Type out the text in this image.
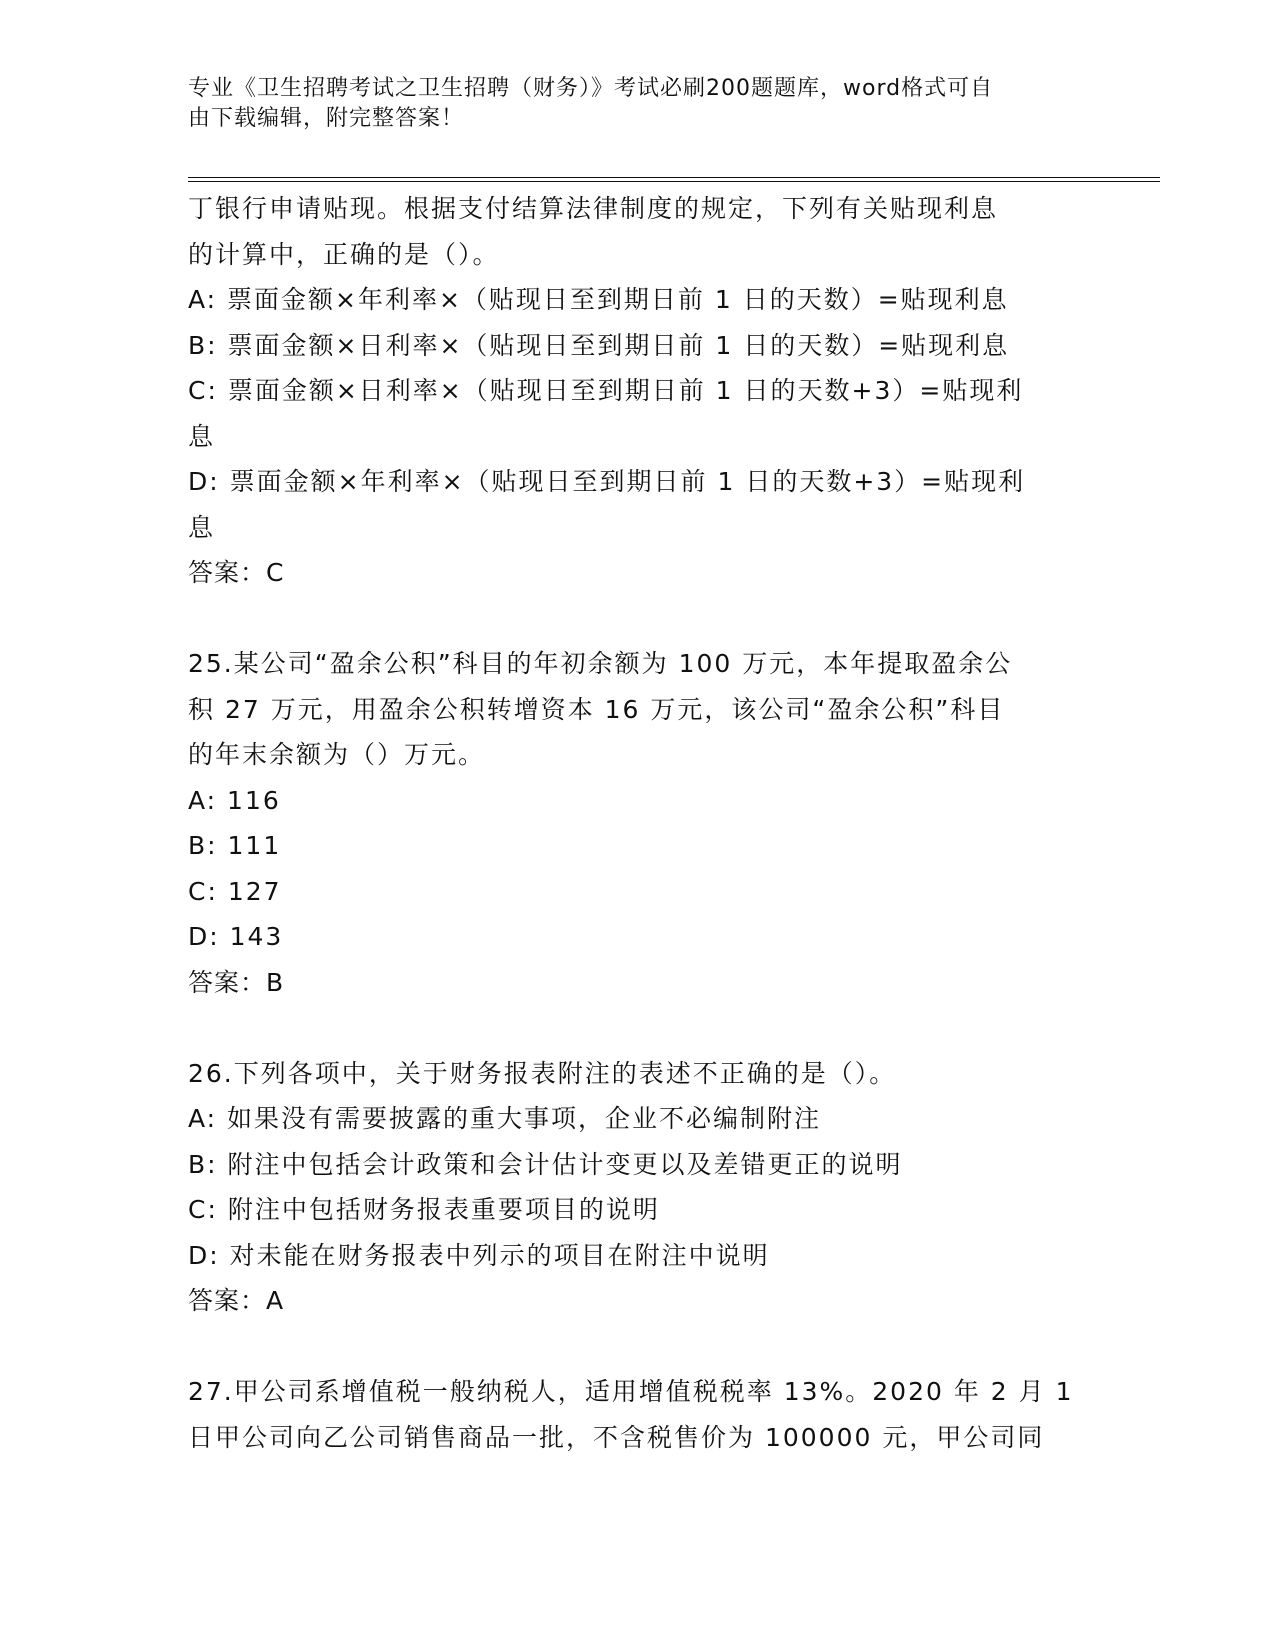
专业《卫生招聘考试之卫生招聘（财务）》考试必刷200题题库，word格式可自
由下载编辑，附完整答案！
丁银行申请贴现。根据支付结算法律制度的规定，下列有关贴现利息
的计算中，正确的是（）。
A: 票面金额×年利率×（贴现日至到期日前 1 日的天数）=贴现利息
B: 票面金额×日利率×（贴现日至到期日前 1 日的天数）=贴现利息
C: 票面金额×日利率×（贴现日至到期日前 1 日的天数+3）=贴现利
息
D: 票面金额×年利率×（贴现日至到期日前 1 日的天数+3）=贴现利
息
答案：C
25.某公司“盈余公积”科目的年初余额为 100 万元，本年提取盈余公
积 27 万元，用盈余公积转增资本 16 万元，该公司“盈余公积”科目
的年末余额为（）万元。
A: 116
B: 111
C: 127
D: 143
答案：B
26.下列各项中，关于财务报表附注的表述不正确的是（）。
A: 如果没有需要披露的重大事项，企业不必编制附注
B: 附注中包括会计政策和会计估计变更以及差错更正的说明
C: 附注中包括财务报表重要项目的说明
D: 对未能在财务报表中列示的项目在附注中说明
答案：A
27.甲公司系增值税一般纳税人，适用增值税税率 13%。2020 年 2 月 1
日甲公司向乙公司销售商品一批，不含税售价为 100000 元，甲公司同
